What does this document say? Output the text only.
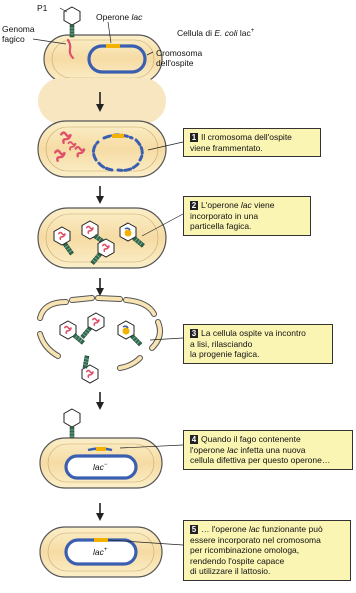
P1
Genoma
fagico
Operone lac
Cellula di E. coli lac+
Cromosoma
dell'ospite
lac−
lac+
1 Il cromosoma dell'ospite
viene frammentato.
2 L'operone lac viene
incorporato in una
particella fagica.
3 La cellula ospite va incontro
a lisi, rilasciando
la progenie fagica.
4 Quando il fago contenente
l'operone lac infetta una nuova
cellula difettiva per questo operone…
5 … l'operone lac funzionante può
essere incorporato nel cromosoma
per ricombinazione omologa,
rendendo l'ospite capace
di utilizzare il lattosio.
